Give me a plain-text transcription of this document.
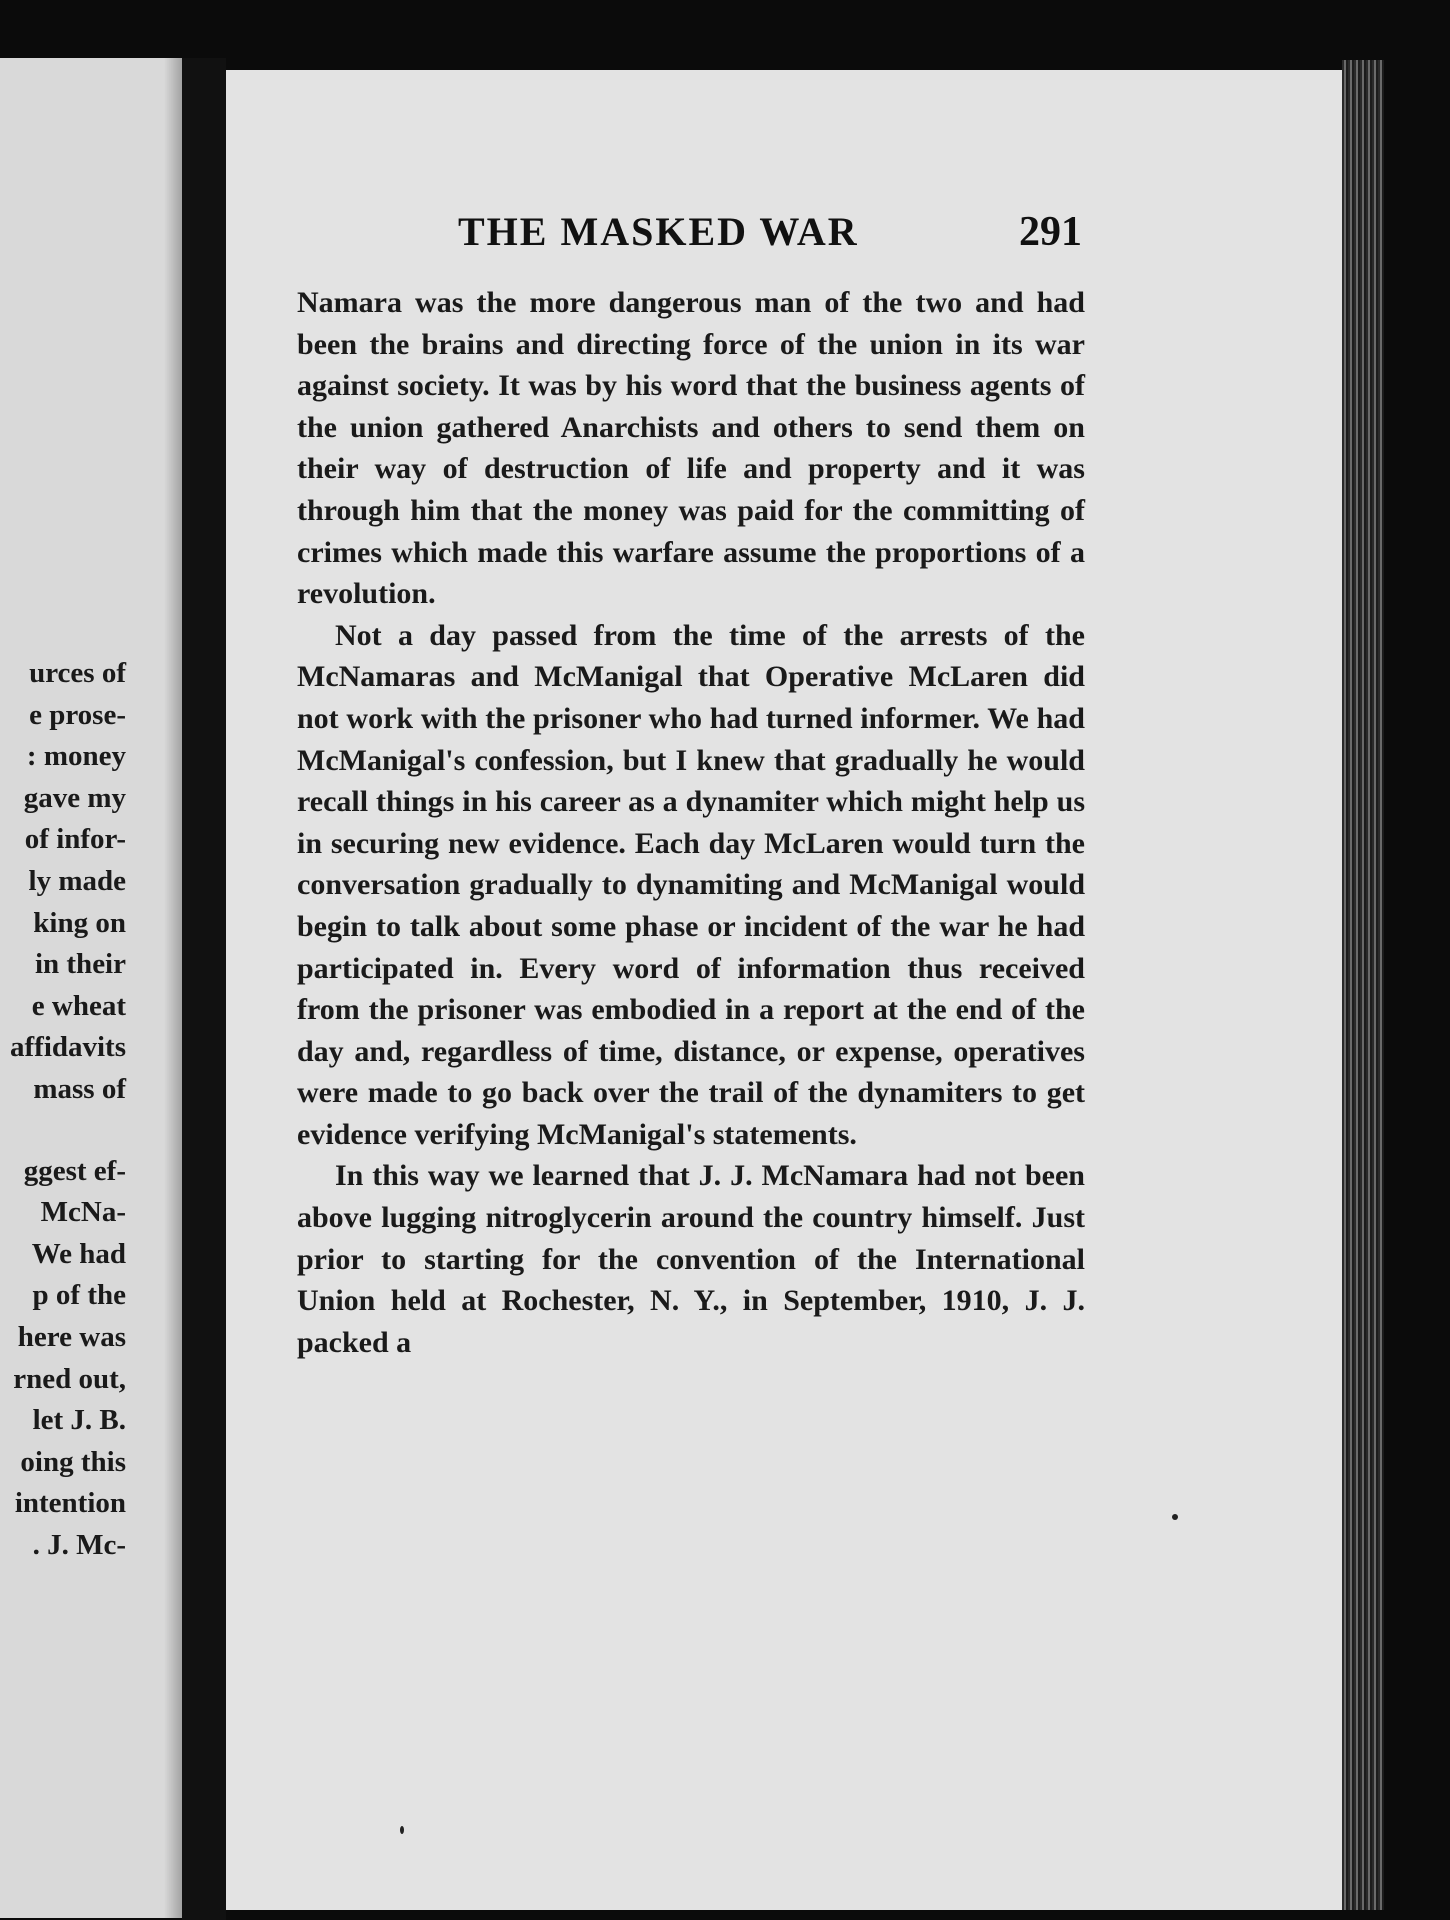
urces of
e prose-
: money
gave my
of infor-
ly made
king on
in their
e wheat
affidavits
mass of
ggest ef-
McNa-
We had
p of the
here was
rned out,
let J. B.
oing this
intention
. J. Mc-
THE MASKED WAR	291

Namara was the more dangerous man of the two and had been the brains and directing force of the union in its war against society. It was by his word that the business agents of the union gathered Anarchists and others to send them on their way of destruction of life and property and it was through him that the money was paid for the committing of crimes which made this warfare assume the proportions of a revolution.

Not a day passed from the time of the arrests of the McNamaras and McManigal that Operative McLaren did not work with the prisoner who had turned informer. We had McManigal's confession, but I knew that gradually he would recall things in his career as a dynamiter which might help us in securing new evidence. Each day McLaren would turn the conversation gradually to dynamiting and McManigal would begin to talk about some phase or incident of the war he had participated in. Every word of information thus received from the prisoner was embodied in a report at the end of the day and, regardless of time, distance, or expense, operatives were made to go back over the trail of the dynamiters to get evidence verifying McManigal's statements.

In this way we learned that J. J. McNamara had not been above lugging nitroglycerin around the country himself. Just prior to starting for the convention of the International Union held at Rochester, N. Y., in September, 1910, J. J. packed a
